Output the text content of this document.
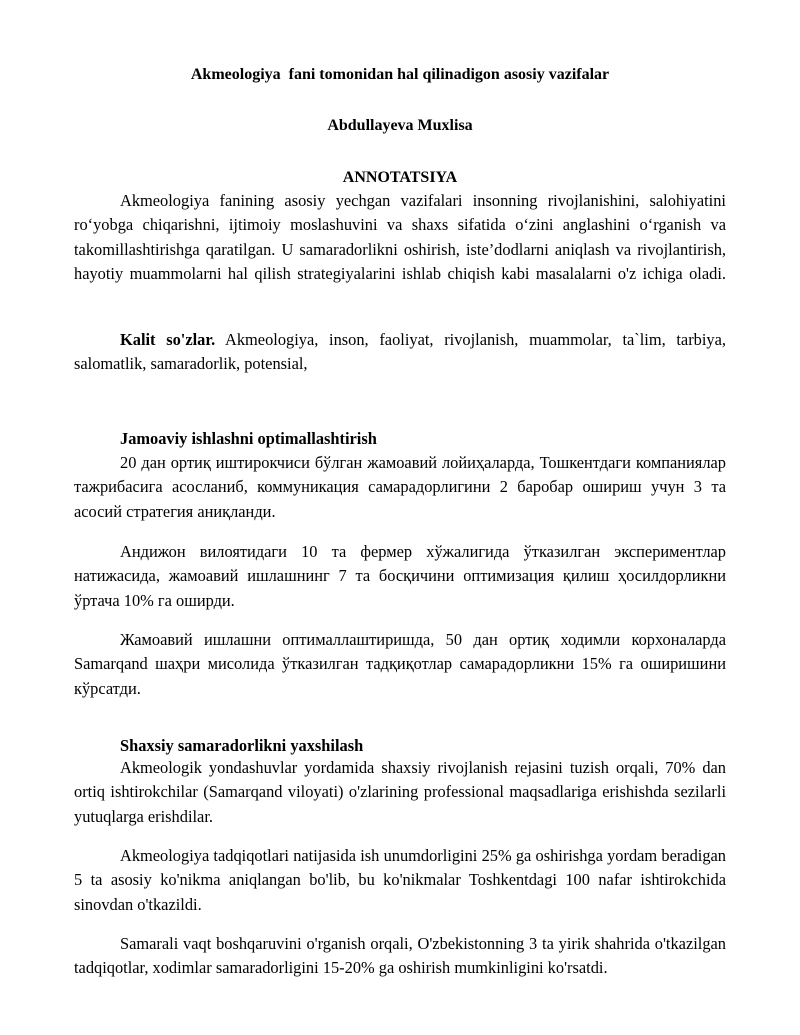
Akmeologiya  fani tomonidan hal qilinadigon asosiy vazifalar
Abdullayeva Muxlisa
ANNOTATSIYA
Akmeologiya fanining asosiy yechgan vazifalari insonning rivojlanishini, salohiyatini ro‘yobga chiqarishni, ijtimoiy moslashuvini va shaxs sifatida o‘zini anglashini o‘rganish va takomillashtirishga qaratilgan. U samaradorlikni oshirish, iste’dodlarni aniqlash va rivojlantirish, hayotiy muammolarni hal qilish strategiyalarini ishlab chiqish kabi masalalarni o'z ichiga oladi.
Kalit so'zlar. Akmeologiya, inson, faoliyat, rivojlanish, muammolar, ta`lim, tarbiya, salomatlik, samaradorlik, potensial,
Jamoaviy ishlashni optimallashtirish
20 дан ортиқ иштирокчиси бўлган жамоавий лойиҳаларда, Тошкентдаги компаниялар тажрибасига асосланиб, коммуникация самарадорлигини 2 баробар ошириш учун 3 та асосий стратегия аниқланди.
Андижон вилоятидаги 10 та фермер хўжалигида ўтказилган экспериментлар натижасида, жамоавий ишлашнинг 7 та босқичини оптимизация қилиш ҳосилдорликни ўртача 10% га оширди.
Жамоавий ишлашни оптималлаштиришда, 50 дан ортиқ ходимли корхоналарда Samarqand шаҳри мисолида ўтказилган тадқиқотлар самарадорликни 15% га оширишини кўрсатди.
Shaxsiy samaradorlikni yaxshilash
Akmeologik yondashuvlar yordamida shaxsiy rivojlanish rejasini tuzish orqali, 70% dan ortiq ishtirokchilar (Samarqand viloyati) o'zlarining professional maqsadlariga erishishda sezilarli yutuqlarga erishdilar.
Akmeologiya tadqiqotlari natijasida ish unumdorligini 25% ga oshirishga yordam beradigan 5 ta asosiy ko'nikma aniqlangan bo'lib, bu ko'nikmalar Toshkentdagi 100 nafar ishtirokchida sinovdan o'tkazildi.
Samarali vaqt boshqaruvini o'rganish orqali, O'zbekistonning 3 ta yirik shahrida o'tkazilgan tadqiqotlar, xodimlar samaradorligini 15-20% ga oshirish mumkinligini ko'rsatdi.
